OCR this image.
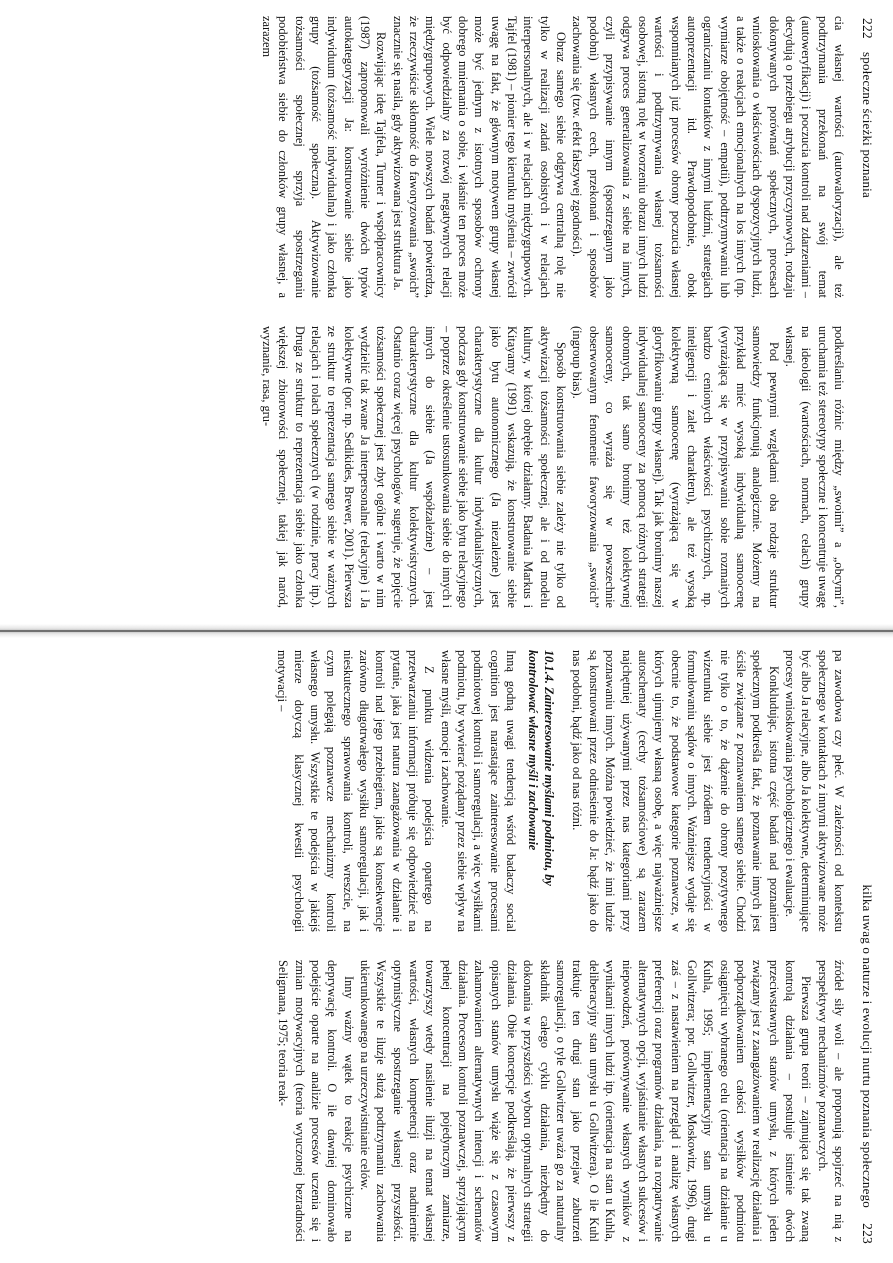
222
społeczne ścieżki poznania

cia własnej wartości (autowaloryzacji), ale też podtrzymania przekonań na swój temat (autoweryfikacji) i poczucia kontroli nad zdarzeniami – decydują o przebiegu atrybucji przyczynowych, rodzaju dokonywanych porównań społecznych, procesach wnioskowania o właściwościach dyspozycyjnych ludzi, a także o reakcjach emocjonalnych na los innych (np. wymiarze obojętność – empatii), podtrzymywaniu lub ograniczaniu kontaktów z innymi ludźmi, strategiach autoprezentacji itd. Prawdopodobnie, obok wspomnianych już procesów obrony poczucia własnej wartości i podtrzymywania własnej tożsamości osobowej, istotną rolę w tworzeniu obrazu innych ludzi odgrywa proces generalizowania z siebie na innych, czyli przypisywanie innym (spostrzeganym jako podobni) własnych cech, przekonań i sposobów zachowania się (tzw. efekt fałszywej zgodności).

Obraz samego siebie odgrywa centralną rolę nie tylko w realizacji zadań osobistych i w relacjach interpersonalnych, ale i w relacjach międzygrupowych. Tajfel (1981) – pionier tego kierunku myślenia – zwrócił uwagę na fakt, że głównym motywem grupy własnej może być jednym z istotnych sposobów ochrony dobrego mniemania o sobie, i właśnie ten proces może być odpowiedzialny za rozwój negatywnych relacji międzygrupowych. Wiele nowszych badań potwierdza, że rzeczywiście skłonność do faworyzowania „swoich” znacznie się nasila, gdy aktywizowana jest struktura Ja.

Rozwijając ideę Tajfela, Turner i współpracownicy (1987) zaproponowali wyróżnienie dwóch typów autokategoryzacji Ja: konstruowanie siebie jako indywiduum (tożsamość indywidualna) i jako członka grupy (tożsamość społeczna). Aktywizowanie tożsamości społecznej sprzyja spostrzeganiu podobieństwa siebie do członków grupy własnej, a zarazem

podkreślaniu różnic między „swoimi” a „obcymi”, uruchamia też stereotypy społeczne i koncentruje uwagę na ideologii (wartościach, normach, celach) grupy własnej.

Pod pewnymi względami oba rodzaje struktur samowiedzy funkcjonują analogicznie. Możemy na przykład mieć wysoką indywidualną samoocenę (wyrażającą się w przypisywaniu sobie rozmaitych bardzo cenionych właściwości psychicznych, np. inteligencji i zalet charakteru), ale też wysoką kolektywną samoocenę (wyrażającą się w gloryfikowaniu grupy własnej). Tak jak bronimy naszej indywidualnej samooceny za pomocą różnych strategii obronnych, tak samo bronimy też kolektywnej samooceny, co wyraża się w powszechnie obserwowanym fenomenie faworyzowania „swoich” (ingroup bias).

Sposób konstruowania siebie zależy nie tylko od aktywizacji tożsamości społecznej, ale i od modelu kultury, w której obrębie działamy. Badania Markus i Kitayamy (1991) wskazują, że konstruowanie siebie jako bytu autonomicznego (Ja niezależne) jest charakterystyczne dla kultur indywidualistycznych, podczas gdy konstruowanie siebie jako bytu relacyjnego – poprzez określenie ustosunkowania siebie do innych i innych do siebie (Ja współzależne) – jest charakterystyczne dla kultur kolektywistycznych. Ostatnio coraz więcej psychologów sugeruje, że pojęcie tożsamości społecznej jest zbyt ogólne i warto w nim wydzielić tak zwane Ja interpersonalne (relacyjne) i Ja kolektywne (por. np. Sedikides, Brewer, 2001). Pierwsza ze struktur to reprezentacja samego siebie w ważnych relacjach i rolach społecznych (w rodzinie, pracy itp.). Druga ze struktur to reprezentacja siebie jako członka większej zbiorowości społecznej, takiej jak naród, wyznanie, rasa, gru-

kilka uwag o naturze i ewolucji nurtu poznania społecznego
223

pa zawodowa czy płeć. W zależności od kontekstu społecznego w kontaktach z innymi aktywizowane może być albo Ja relacyjne, albo Ja kolektywne, determinujące procesy wnioskowania psychologicznego i ewaluacje.

Konkludując, istotna część badań nad poznaniem społecznym podkreśla fakt, że poznawanie innych jest ściśle związane z poznawaniem samego siebie. Chodzi nie tylko o to, że dążenie do obrony pozytywnego wizerunku siebie jest źródłem tendencyjności w formułowaniu sądów o innych. Ważniejsze wydaje się obecnie to, że podstawowe kategorie poznawcze, w których ujmujemy własną osobę, a więc najważniejsze autoschematy (cechy tożsamościowe) są zarazem najchętniej używanymi przez nas kategoriami przy poznawaniu innych. Można powiedzieć, że inni ludzie są konstruowani przez odniesienie do Ja: bądź jako do nas podobni, bądź jako od nas różni.

10.1.4. Zainteresowanie myślami podmiotu, by kontrolować własne myśli i zachowanie

Inną godną uwagi tendencją wśród badaczy social cognition jest narastające zainteresowanie procesami podmiotowej kontroli i samoregulacji, a więc wysiłkami podmiotu, by wywierać pożądany przez siebie wpływ na własne myśli, emocje i zachowanie.

Z punktu widzenia podejścia opartego na przetwarzaniu informacji próbuje się odpowiedzieć na pytanie, jaka jest natura zaangażowania w działanie i kontroli nad jego przebiegiem, jakie są konsekwencje zarówno długotrwałego wysiłku samoregulacji, jak i nieskutecznego sprawowania kontroli, wreszcie, na czym polegają poznawcze mechanizmy kontroli własnego umysłu. Wszystkie te podejścia w jakiejś mierze dotyczą klasycznej kwestii psychologii motywacji –

źródeł siły woli – ale proponują spojrzeć na nią z perspektywy mechanizmów poznawczych.

Pierwsza grupa teorii – zajmująca się tak zwaną kontrolą działania – postuluje istnienie dwóch przeciwstawnych stanów umysłu, z których jeden związany jest z zaangażowaniem w realizację działania i podporządkowaniem całości wysiłków podmiotu osiągnięciu wybranego celu (orientacja na działanie u Kuhla, 1995; implementacyjny stan umysłu u Gollwitzera; por. Gollwitzer, Moskowitz, 1996), drugi zaś – z nastawieniem na przegląd i analizę własnych preferencji oraz programów działania, na rozpatrywanie alternatywnych opcji, wyjaśnianie własnych sukcesów i niepowodzeń, porównywanie własnych wyników z wynikami innych ludzi itp. (orientacja na stan u Kuhla, deliberacyjny stan umysłu u Gollwitzera). O ile Kuhl traktuje ten drugi stan jako przejaw zaburzeń samoregulacji, o tyle Gollwitzer uważa go za naturalny składnik całego cyklu działania, niezbędny do dokonania w przyszłości wyboru optymalnych strategii działania. Obie koncepcje podkreślają, że pierwszy z opisanych stanów umysłu wiąże się z czasowym zahamowaniem alternatywnych intencji i schematów działania. Procesom kontroli poznawczej, sprzyjającym pełnej koncentracji na pojedynczym zamiarze, towarzyszy wtedy nasilenie iluzji na temat własnej wartości, własnych kompetencji oraz nadmiernie optymistyczne spostrzeganie własnej przyszłości. Wszystkie te iluzje służą podtrzymaniu zachowania ukierunkowanego na urzeczywistnianie celów.

Inny ważny wątek to reakcje psychiczne na deprywację kontroli. O ile dawniej dominowało podejście oparte na analizie procesów uczenia się i zmian motywacyjnych (teoria wyuczonej bezradności Seligmana, 1975; teoria reak-
